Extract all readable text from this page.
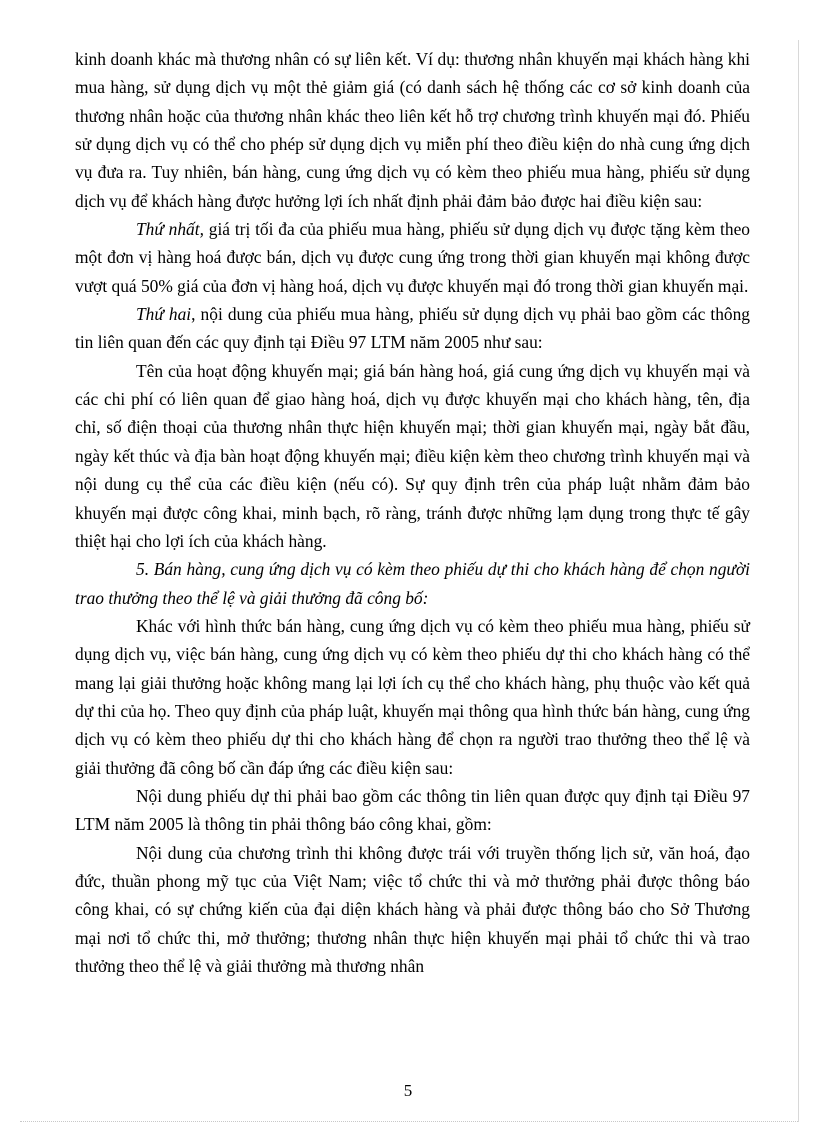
kinh doanh khác mà thương nhân có sự liên kết. Ví dụ: thương nhân khuyến mại khách hàng khi mua hàng, sử dụng dịch vụ một thẻ giảm giá (có danh sách hệ thống các cơ sở kinh doanh của thương nhân hoặc của thương nhân khác theo liên kết hỗ trợ chương trình khuyến mại đó. Phiếu sử dụng dịch vụ có thể cho phép sử dụng dịch vụ miễn phí theo điều kiện do nhà cung ứng dịch vụ đưa ra. Tuy nhiên, bán hàng, cung ứng dịch vụ có kèm theo phiếu mua hàng, phiếu sử dụng dịch vụ để khách hàng được hưởng lợi ích nhất định phải đảm bảo được hai điều kiện sau:

Thứ nhất, giá trị tối đa của phiếu mua hàng, phiếu sử dụng dịch vụ được tặng kèm theo một đơn vị hàng hoá được bán, dịch vụ được cung ứng trong thời gian khuyến mại không được vượt quá 50% giá của đơn vị hàng hoá, dịch vụ được khuyến mại đó trong thời gian khuyến mại.

Thứ hai, nội dung của phiếu mua hàng, phiếu sử dụng dịch vụ phải bao gồm các thông tin liên quan đến các quy định tại Điều 97 LTM năm 2005 như sau:

Tên của hoạt động khuyến mại; giá bán hàng hoá, giá cung ứng dịch vụ khuyến mại và các chi phí có liên quan để giao hàng hoá, dịch vụ được khuyến mại cho khách hàng, tên, địa chỉ, số điện thoại của thương nhân thực hiện khuyến mại; thời gian khuyến mại, ngày bắt đầu, ngày kết thúc và địa bàn hoạt động khuyến mại; điều kiện kèm theo chương trình khuyến mại và nội dung cụ thể của các điều kiện (nếu có). Sự quy định trên của pháp luật nhằm đảm bảo khuyến mại được công khai, minh bạch, rõ ràng, tránh được những lạm dụng trong thực tế gây thiệt hại cho lợi ích của khách hàng.

5. Bán hàng, cung ứng dịch vụ có kèm theo phiếu dự thi cho khách hàng để chọn người trao thưởng theo thể lệ và giải thưởng đã công bố:

Khác với hình thức bán hàng, cung ứng dịch vụ có kèm theo phiếu mua hàng, phiếu sử dụng dịch vụ, việc bán hàng, cung ứng dịch vụ có kèm theo phiếu dự thi cho khách hàng có thể mang lại giải thưởng hoặc không mang lại lợi ích cụ thể cho khách hàng, phụ thuộc vào kết quả dự thi của họ. Theo quy định của pháp luật, khuyến mại thông qua hình thức bán hàng, cung ứng dịch vụ có kèm theo phiếu dự thi cho khách hàng để chọn ra người trao thưởng theo thể lệ và giải thưởng đã công bố cần đáp ứng các điều kiện sau:

Nội dung phiếu dự thi phải bao gồm các thông tin liên quan được quy định tại Điều 97 LTM năm 2005 là thông tin phải thông báo công khai, gồm:

Nội dung của chương trình thi không được trái với truyền thống lịch sử, văn hoá, đạo đức, thuần phong mỹ tục của Việt Nam; việc tổ chức thi và mở thưởng phải được thông báo công khai, có sự chứng kiến của đại diện khách hàng và phải được thông báo cho Sở Thương mại nơi tổ chức thi, mở thưởng; thương nhân thực hiện khuyến mại phải tổ chức thi và trao thưởng theo thể lệ và giải thưởng mà thương nhân

5
